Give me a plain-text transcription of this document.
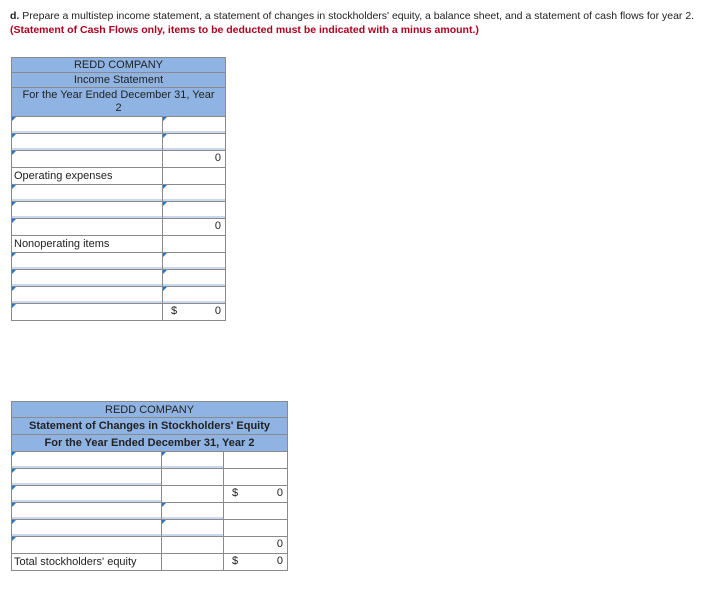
d. Prepare a multistep income statement, a statement of changes in stockholders' equity, a balance sheet, and a statement of cash flows for year 2. (Statement of Cash Flows only, items to be deducted must be indicated with a minus amount.)
REDD COMPANY	
Income Statement	
For the Year Ended December 31, Year 2	

	0

Operating expenses	

	0

Nonoperating items	

	$ 0
REDD COMPANY		
Statement of Changes in Stockholders' Equity		
For the Year Ended December 31, Year 2		

		$ 0

		0

Total stockholders' equity		$ 0
